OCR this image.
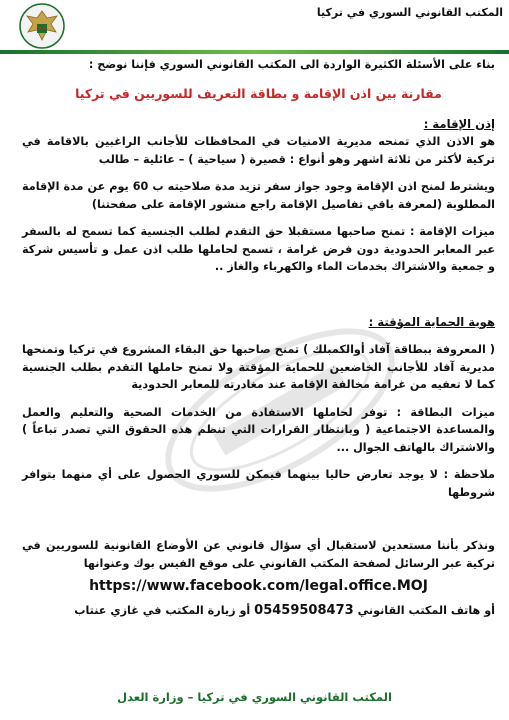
المكتب القانوني السوري في تركيا

بناء على الأسئلة الكثيرة الواردة الى المكتب القانوني السوري فإننا نوضح :

مقارنة بين اذن الإقامة و بطاقة التعريف للسوريين في تركيا

إذن الإقامة :

هو الاذن الذي تمنحه مديرية الامنيات في المحافظات للأجانب الراغبين بالاقامة في تركية لأكثر من ثلاثة اشهر وهو أنواع : قصيرة ( سياحية ) – عائلية – طالب

ويشترط لمنح اذن الإقامة وجود جواز سفر تزيد مدة صلاحيته ب 60 يوم عن مدة الإقامة المطلوبة (لمعرفة باقي تفاصيل الإقامة راجع منشور الإقامة على صفحتنا)

ميزات الإقامة : تمنح صاحبها مستقبلا حق التقدم لطلب الجنسية كما تسمح له بالسفر عبر المعابر الحدودية دون فرض غرامة ، تسمح لحاملها طلب اذن عمل و تأسيس شركة و جمعية والاشتراك بخدمات الماء والكهرباء والغاز ..

هوية الحماية المؤقتة :

( المعروفة ببطاقة آفاد أوالكمبلك ) تمنح صاحبها حق البقاء المشروع في تركيا وتمنحها مديرية آفاد للأجانب الخاضعين للحماية المؤقتة ولا تمنح حاملها التقدم بطلب الجنسية كما لا تعفيه من غرامة مخالفة الإقامة عند مغادرته للمعابر الحدودية

ميزات البطاقة : توفر لحاملها الاستفادة من الخدمات الصحية والتعليم والعمل والمساعدة الاجتماعية ( وبانتظار القرارات التي تنظم هذه الحقوق التي تصدر تباعاً ) والاشتراك بالهاتف الجوال ...

ملاحظة : لا يوجد تعارض حاليا بينهما فيمكن للسوري الحصول على أي منهما بتوافر شروطها

ونذكر بأننا مستعدين لاستقبال أي سؤال قانوني عن الأوضاع القانونية للسوريين في تركية عبر الرسائل لصفحة المكتب القانوني على موقع الفيس بوك وعنوانها

https://www.facebook.com/legal.office.MOJ

أو هاتف المكتب القانوني 05459508473 أو زيارة المكتب في غازي عنتاب

المكتب القانوني السوري في تركيا – وزارة العدل
